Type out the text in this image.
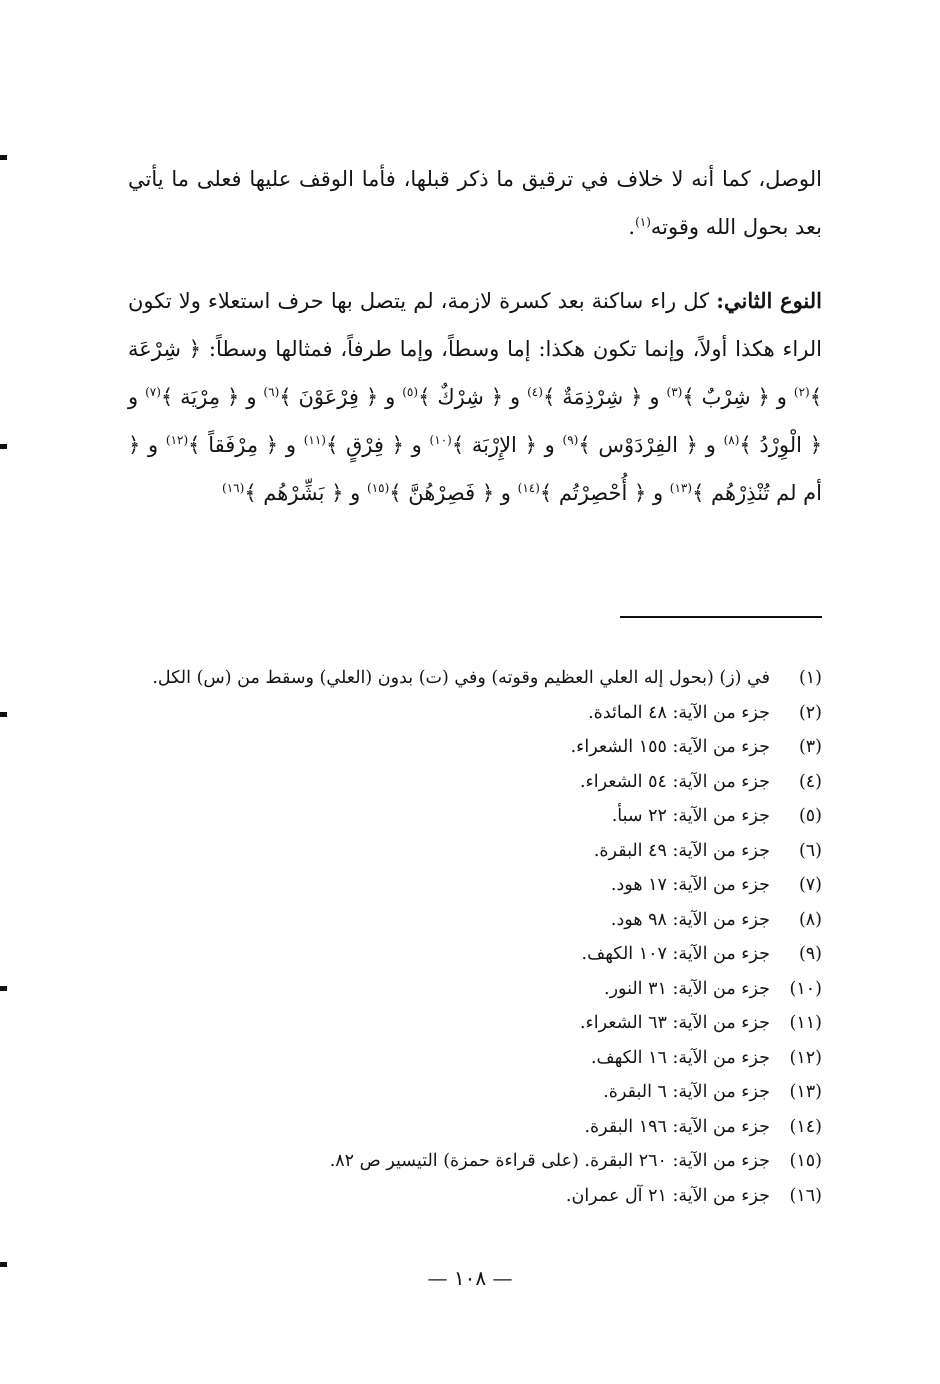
الوصل، كما أنه لا خلاف في ترقيق ما ذكر قبلها، فأما الوقف عليها فعلى ما يأتي بعد بحول الله وقوته$^{(١)}$.

النوع الثاني: كل راء ساكنة بعد كسرة لازمة، لم يتصل بها حرف استعلاء ولا تكون الراء هكذا أولاً، وإنما تكون هكذا: إما وسطاً، وإما طرفاً، فمثالها وسطاً: ﴿ شِرْعَة ﴾$^{(٢)}$ و ﴿ شِرْبٌ ﴾$^{(٣)}$ و ﴿ شِرْذِمَةٌ ﴾$^{(٤)}$ و ﴿ شِرْكٌ ﴾$^{(٥)}$ و ﴿ فِرْعَوْنَ ﴾$^{(٦)}$ و ﴿ مِرْيَة ﴾$^{(٧)}$ و ﴿ الْوِرْدُ ﴾$^{(٨)}$ و ﴿ الفِرْدَوْس ﴾$^{(٩)}$ و ﴿ الإِرْبَة ﴾$^{(١٠)}$ و ﴿ فِرْقٍ ﴾$^{(١١)}$ و ﴿ مِرْفَقاً ﴾$^{(١٢)}$ و ﴿ أم لم تُنْذِرْهُم ﴾$^{(١٣)}$ و ﴿ أُحْصِرْتُم ﴾$^{(١٤)}$ و ﴿ فَصِرْهُنَّ ﴾$^{(١٥)}$ و ﴿ بَشِّرْهُم ﴾$^{(١٦)}$

(١)
في (ز) (بحول إله العلي العظيم وقوته) وفي (ت) بدون (العلي) وسقط من (س) الكل.
(٢)
جزء من الآية: ٤٨ المائدة.
(٣)
جزء من الآية: ١٥٥ الشعراء.
(٤)
جزء من الآية: ٥٤ الشعراء.
(٥)
جزء من الآية: ٢٢ سبأ.
(٦)
جزء من الآية: ٤٩ البقرة.
(٧)
جزء من الآية: ١٧ هود.
(٨)
جزء من الآية: ٩٨ هود.
(٩)
جزء من الآية: ١٠٧ الكهف.
(١٠)
جزء من الآية: ٣١ النور.
(١١)
جزء من الآية: ٦٣ الشعراء.
(١٢)
جزء من الآية: ١٦ الكهف.
(١٣)
جزء من الآية: ٦ البقرة.
(١٤)
جزء من الآية: ١٩٦ البقرة.
(١٥)
جزء من الآية: ٢٦٠ البقرة. (على قراءة حمزة) التيسير ص ٨٢.
(١٦)
جزء من الآية: ٢١ آل عمران.
— ١٠٨ —
